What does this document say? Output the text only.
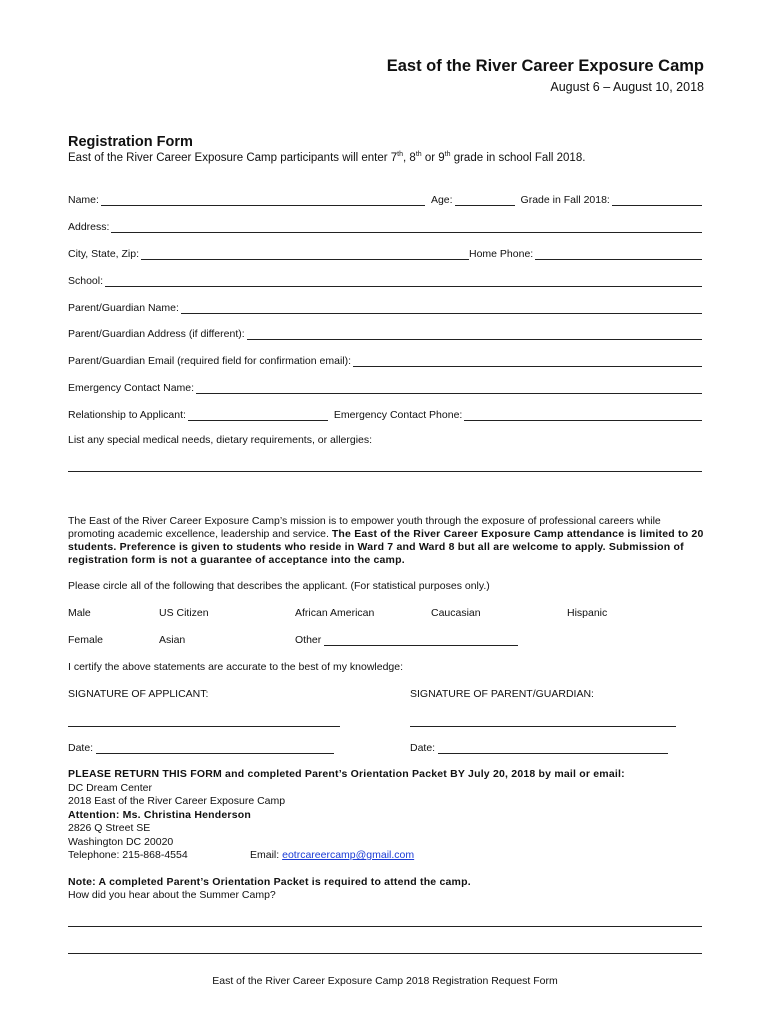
East of the River Career Exposure Camp
August 6 – August 10, 2018
Registration Form
East of the River Career Exposure Camp participants will enter 7th, 8th or 9th grade in school Fall 2018.
Name:	Age:	Grade in Fall 2018:
Address:
City, State, Zip:	Home Phone:
School:
Parent/Guardian Name:
Parent/Guardian Address (if different):
Parent/Guardian Email (required field for confirmation email):
Emergency Contact Name:
Relationship to Applicant:	Emergency Contact Phone:
List any special medical needs, dietary requirements, or allergies:
The East of the River Career Exposure Camp’s mission is to empower youth through the exposure of professional careers while promoting academic excellence, leadership and service. The East of the River Career Exposure Camp attendance is limited to 20 students. Preference is given to students who reside in Ward 7 and Ward 8 but all are welcome to apply. Submission of registration form is not a guarantee of acceptance into the camp.
Please circle all of the following that describes the applicant. (For statistical purposes only.)
Male	US Citizen	African American	Caucasian	Hispanic
Female	Asian	Other
I certify the above statements are accurate to the best of my knowledge:
SIGNATURE OF APPLICANT:	SIGNATURE OF PARENT/GUARDIAN:
Date:	Date:
PLEASE RETURN THIS FORM and completed Parent’s Orientation Packet BY July 20, 2018 by mail or email:
DC Dream Center
2018 East of the River Career Exposure Camp
Attention: Ms. Christina Henderson
2826 Q Street SE
Washington DC 20020
Telephone: 215-868-4554	Email: eotrcareercamp@gmail.com
Note: A completed Parent’s Orientation Packet is required to attend the camp.
How did you hear about the Summer Camp?
East of the River Career Exposure Camp 2018 Registration Request Form
